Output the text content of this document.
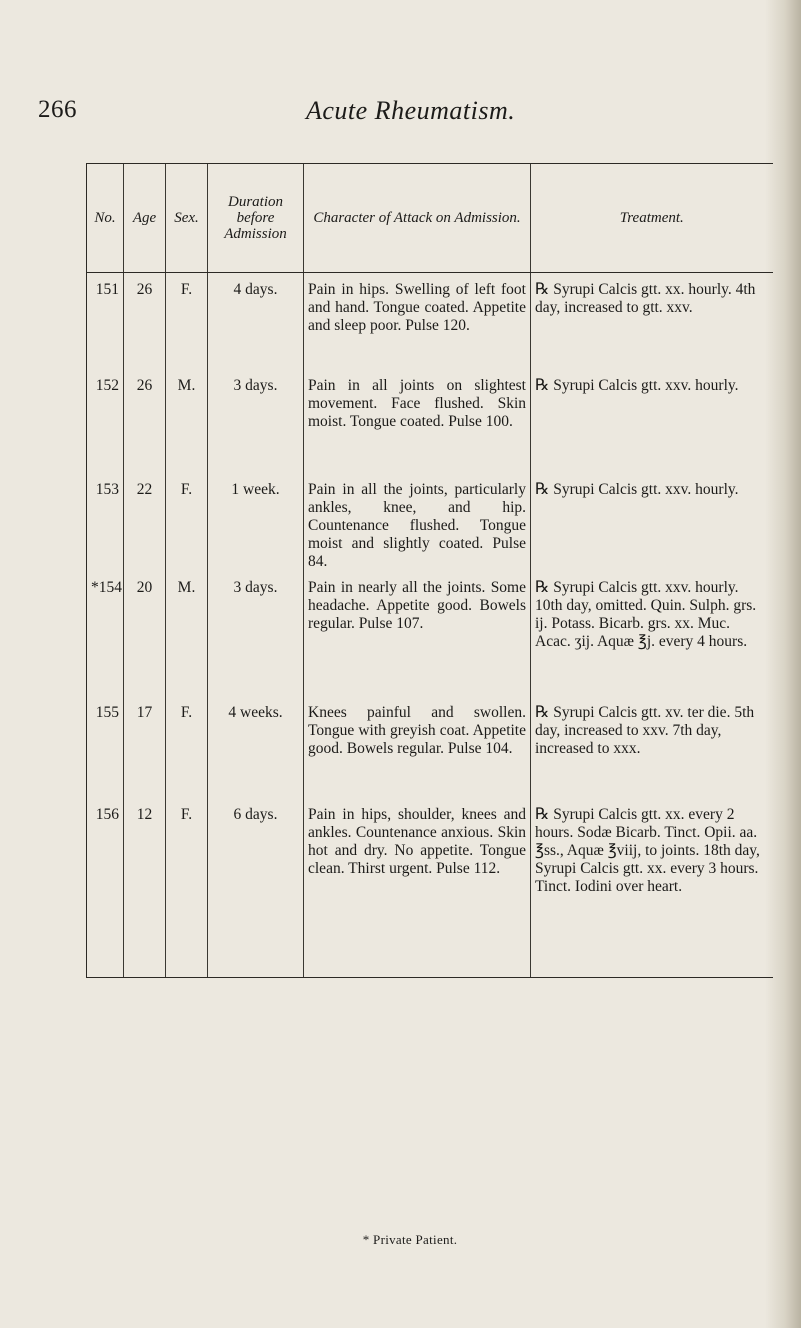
266	Acute Rheumatism.
No.	Age	Sex.	Duration before Admission	Character of Attack on Admission.	Treatment.
151	26	F.	4 days.	Pain in hips. Swelling of left foot and hand. Tongue coated. Appetite and sleep poor. Pulse 120.	℞ Syrupi Calcis gtt. xx. hourly. 4th day, increased to gtt. xxv.
152	26	M.	3 days.	Pain in all joints on slightest movement. Face flushed. Skin moist. Tongue coated. Pulse 100.	℞ Syrupi Calcis gtt. xxv. hourly.
153	22	F.	1 week.	Pain in all the joints, particularly ankles, knee, and hip. Countenance flushed. Tongue moist and slightly coated. Pulse 84.	℞ Syrupi Calcis gtt. xxv. hourly.
*154	20	M.	3 days.	Pain in nearly all the joints. Some headache. Appetite good. Bowels regular. Pulse 107.	℞ Syrupi Calcis gtt. xxv. hourly. 10th day, omitted. Quin. Sulph. grs. ij. Potass. Bicarb. grs. xx. Muc. Acac. ʒij. Aquæ ℥j. every 4 hours.
155	17	F.	4 weeks.	Knees painful and swollen. Tongue with greyish coat. Appetite good. Bowels regular. Pulse 104.	℞ Syrupi Calcis gtt. xv. ter die. 5th day, increased to xxv. 7th day, increased to xxx.
156	12	F.	6 days.	Pain in hips, shoulder, knees and ankles. Countenance anxious. Skin hot and dry. No appetite. Tongue clean. Thirst urgent. Pulse 112.	℞ Syrupi Calcis gtt. xx. every 2 hours. Sodæ Bicarb. Tinct. Opii. aa. ℥ss., Aquæ ℥viij, to joints. 18th day, Syrupi Calcis gtt. xx. every 3 hours. Tinct. Iodini over heart.
* Private Patient.
